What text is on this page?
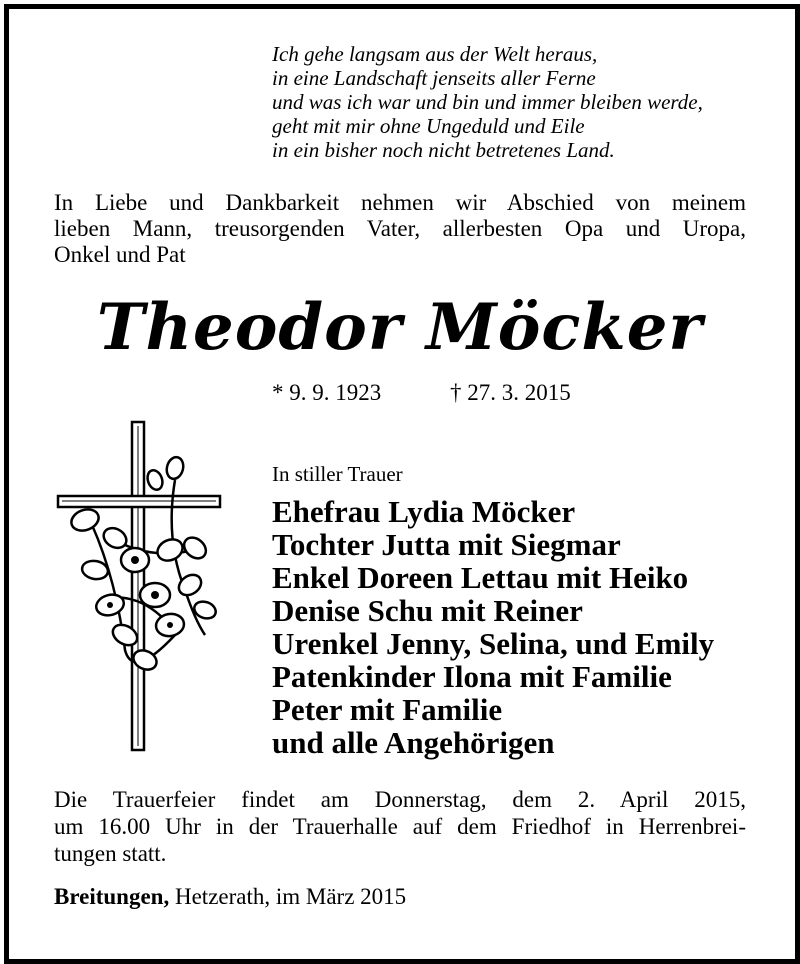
Ich gehe langsam aus der Welt heraus,
in eine Landschaft jenseits aller Ferne
und was ich war und bin und immer bleiben werde,
geht mit mir ohne Ungeduld und Eile
in ein bisher noch nicht betretenes Land.
In Liebe und Dankbarkeit nehmen wir Abschied von meinem
lieben Mann, treusorgenden Vater, allerbesten Opa und Uropa,
Onkel und Pat
Theodor Möcker
* 9. 9. 1923	† 27. 3. 2015
In stiller Trauer
Ehefrau Lydia Möcker
Tochter Jutta mit Siegmar
Enkel Doreen Lettau mit Heiko
Denise Schu mit Reiner
Urenkel Jenny, Selina, und Emily
Patenkinder Ilona mit Familie
Peter mit Familie
und alle Angehörigen
Die Trauerfeier findet am Donnerstag, dem 2. April 2015,
um 16.00 Uhr in der Trauerhalle auf dem Friedhof in Herrenbrei-
tungen statt.
Breitungen, Hetzerath, im März 2015
